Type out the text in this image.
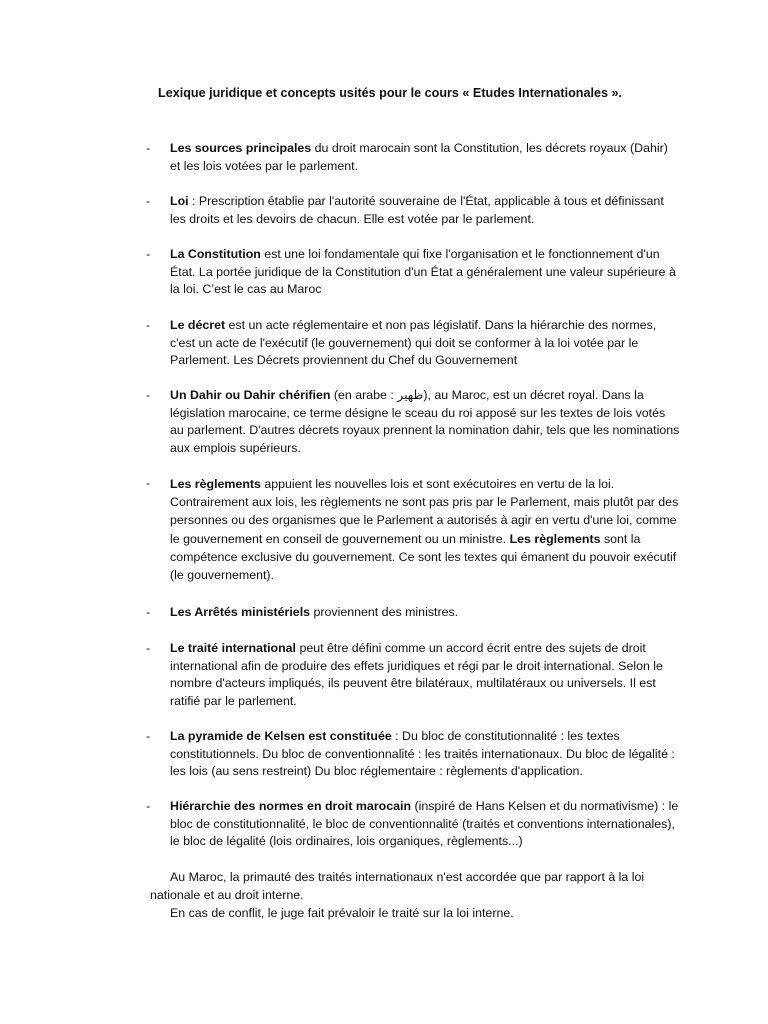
Lexique juridique et concepts usités pour le cours « Etudes Internationales ».
-	Les sources principales du droit marocain sont la Constitution, les décrets royaux (Dahir) et les lois votées par le parlement.
-	Loi : Prescription établie par l'autorité souveraine de l'État, applicable à tous et définissant les droits et les devoirs de chacun. Elle est votée par le parlement.
-	La Constitution est une loi fondamentale qui fixe l'organisation et le fonctionnement d'un État. La portée juridique de la Constitution d'un État a généralement une valeur supérieure à la loi. C’est le cas au Maroc
-	Le décret est un acte réglementaire et non pas législatif. Dans la hiérarchie des normes, c'est un acte de l'exécutif (le gouvernement) qui doit se conformer à la loi votée par le Parlement. Les Décrets proviennent du Chef du Gouvernement
-	Un Dahir ou Dahir chérifien (en arabe : ظهير), au Maroc, est un décret royal. Dans la législation marocaine, ce terme désigne le sceau du roi apposé sur les textes de lois votés au parlement. D'autres décrets royaux prennent la nomination dahir, tels que les nominations aux emplois supérieurs.
-	Les règlements appuient les nouvelles lois et sont exécutoires en vertu de la loi. Contrairement aux lois, les règlements ne sont pas pris par le Parlement, mais plutôt par des personnes ou des organismes que le Parlement a autorisés à agir en vertu d'une loi, comme le gouvernement en conseil de gouvernement ou un ministre. Les règlements sont la compétence exclusive du gouvernement. Ce sont les textes qui émanent du pouvoir exécutif (le gouvernement).
-	Les Arrêtés ministériels proviennent des ministres.
-	Le traité international peut être défini comme un accord écrit entre des sujets de droit international afin de produire des effets juridiques et régi par le droit international. Selon le nombre d'acteurs impliqués, ils peuvent être bilatéraux, multilatéraux ou universels. Il est ratifié par le parlement.
-	La pyramide de Kelsen est constituée : Du bloc de constitutionnalité : les textes constitutionnels. Du bloc de conventionnalité : les traités internationaux. Du bloc de légalité : les lois (au sens restreint) Du bloc réglementaire : règlements d'application.
-	Hiérarchie des normes en droit marocain (inspiré de Hans Kelsen et du normativisme) : le bloc de constitutionnalité, le bloc de conventionnalité (traités et conventions internationales), le bloc de légalité (lois ordinaires, lois organiques, règlements...)
Au Maroc, la primauté des traités internationaux n'est accordée que par rapport à la loi nationale et au droit interne.
En cas de conflit, le juge fait prévaloir le traité sur la loi interne.
